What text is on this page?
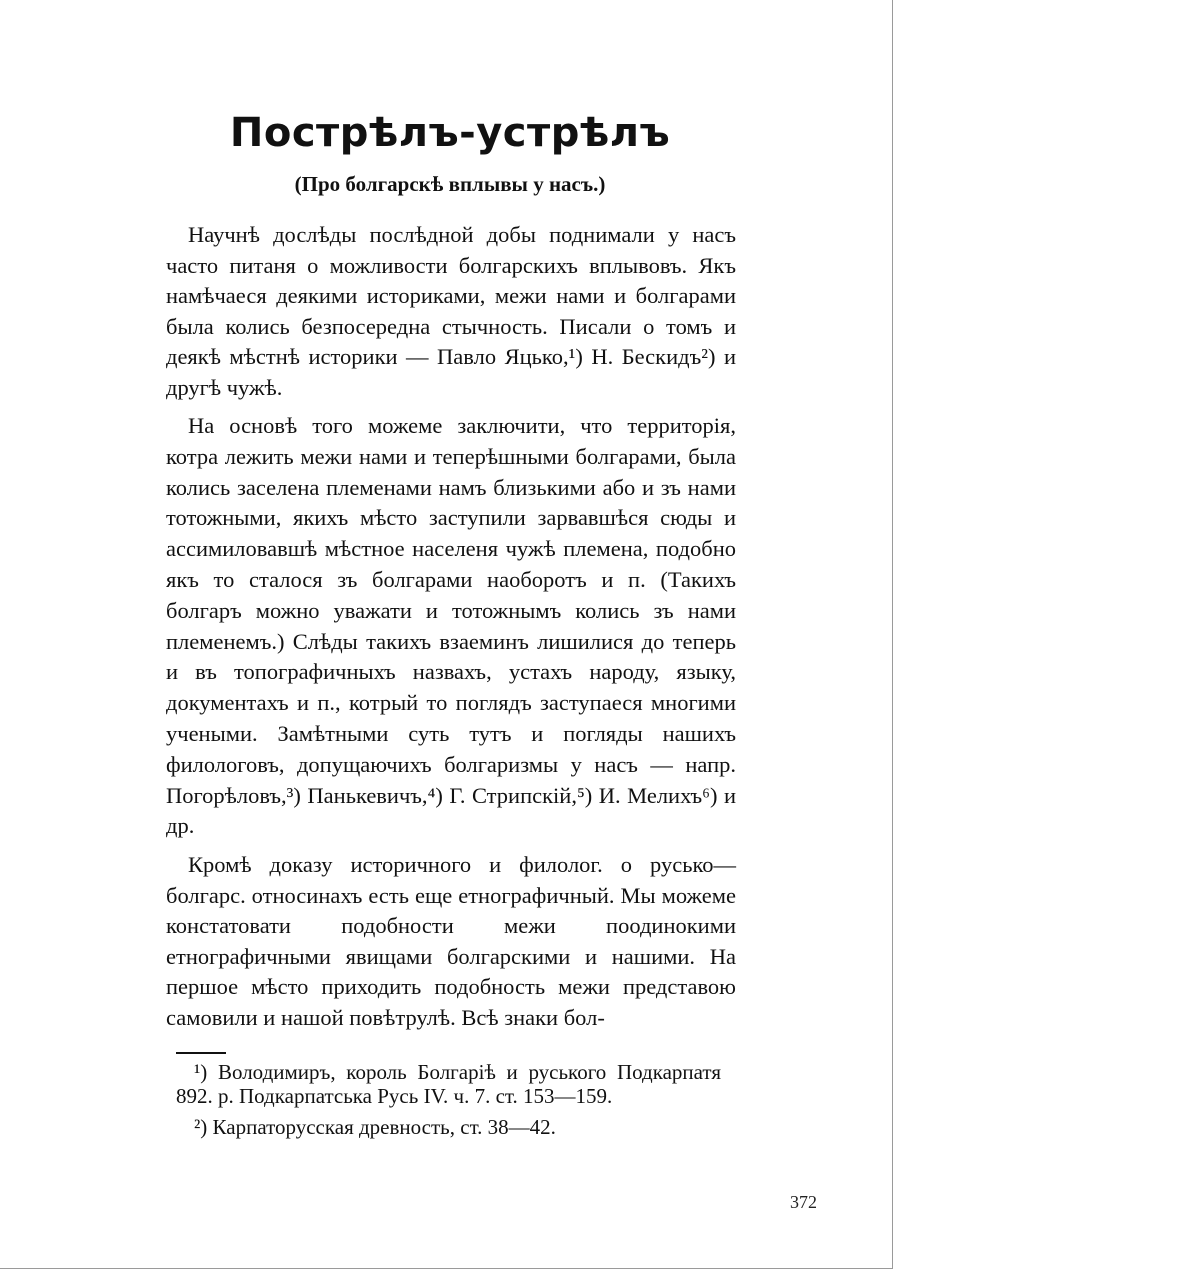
Пострѣлъ-устрѣлъ
(Про болгарскѣ вплывы у насъ.)

Научнѣ дослѣды послѣдной добы поднимали у насъ часто питаня о можливости болгарскихъ вплывовъ. Якъ намѣчаеся деякими историками, межи нами и болгарами была колись безпосередна стычность. Писали о томъ и деякѣ мѣстнѣ историки — Павло Яцько,¹) Н. Бескидъ²) и другѣ чужѣ.

На основѣ того можеме заключити, что территорія, котра лежить межи нами и теперѣшными болгарами, была колись заселена племенами намъ близькими або и зъ нами тотожными, якихъ мѣсто заступили зарвавшѣся сюды и ассимиловавшѣ мѣстное населеня чужѣ племена, подобно якъ то сталося зъ болгарами наоборотъ и п. (Такихъ болгаръ можно уважати и тотожнымъ колись зъ нами племенемъ.) Слѣды такихъ взаеминъ лишилися до теперь и въ топографичныхъ назвахъ, устахъ народу, языку, документахъ и п., котрый то поглядъ заступаеся многими учеными. Замѣтными суть тутъ и погляды нашихъ филологовъ, допущаючихъ болгаризмы у насъ — напр. Погорѣловъ,³) Панькевичъ,⁴) Г. Стрипскій,⁵) И. Мелихъ⁶) и др.

Кромѣ доказу историчного и филолог. о русько—болгарс. относинахъ есть еще етнографичный. Мы можеме констатовати подобности межи поодинокими етнографичными явищами болгарскими и нашими. На першое мѣсто приходить подобность межи представою самовили и нашой повѣтрулѣ. Всѣ знаки бол-

¹) Володимиръ, король Болгаріѣ и руського Подкарпатя 892. р. Подкарпатська Русь IV. ч. 7. ст. 153—159.

²) Карпаторусская древность, ст. 38—42.

372
